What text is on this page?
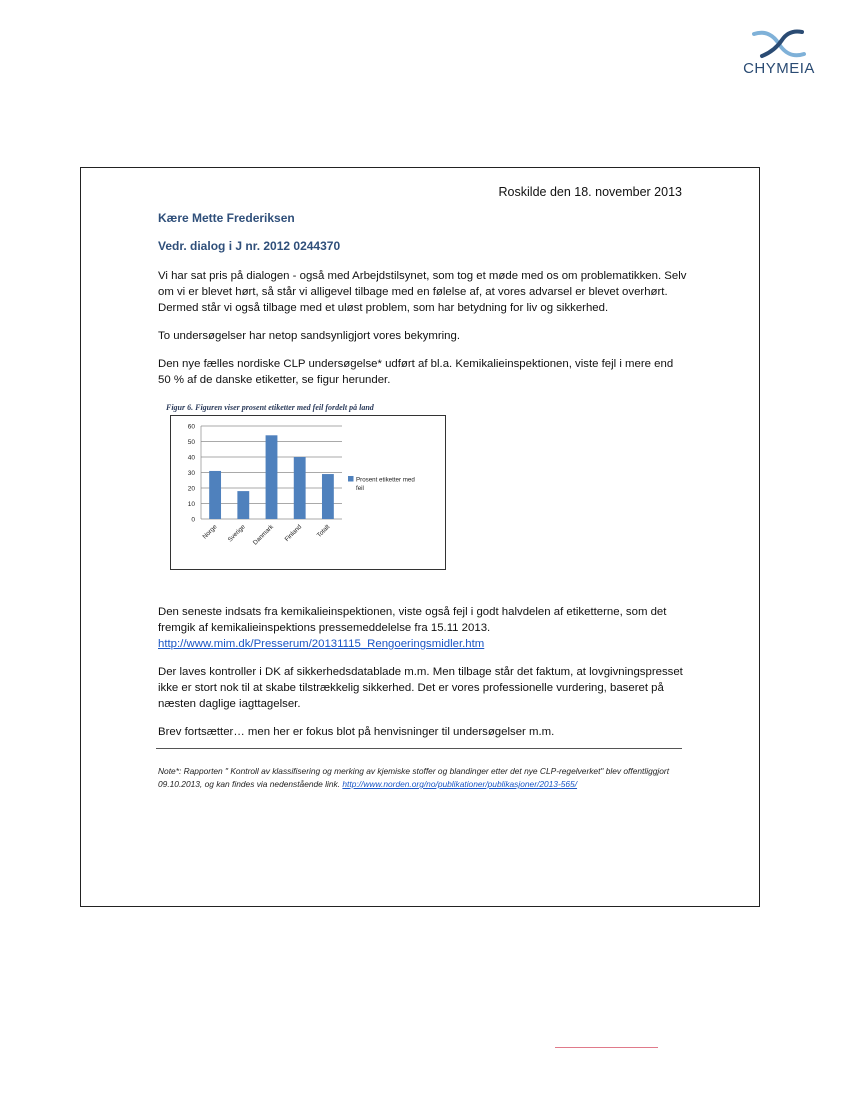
CHYMEIA
Roskilde den 18. november 2013

Kære Mette Frederiksen

Vedr. dialog i J nr. 2012 0244370

Vi har sat pris på dialogen - også med Arbejdstilsynet, som tog et møde med os om problematikken. Selv om vi er blevet hørt, så står vi alligevel tilbage med en følelse af, at vores advarsel er blevet overhørt. Dermed står vi også tilbage med et uløst problem, som har betydning for liv og sikkerhed.

To undersøgelser har netop sandsynligjort vores bekymring.

Den nye fælles nordiske CLP undersøgelse* udført af bl.a. Kemikalieinspektionen, viste fejl i mere end 50 % af de danske etiketter, se figur herunder.

Figur 6. Figuren viser prosent etiketter med feil fordelt på land
0
10
20
30
40
50
60
Norge Sverige Danmark Finland Totalt
Prosent etiketter med
feil

Den seneste indsats fra kemikalieinspektionen, viste også fejl i godt halvdelen af etiketterne, som det fremgik af kemikalieinspektions pressemeddelelse fra 15.11 2013.

http://www.mim.dk/Presserum/20131115_Rengoeringsmidler.htm

Der laves kontroller i DK af sikkerhedsdatablade m.m. Men tilbage står det faktum, at lovgivningspresset ikke er stort nok til at skabe tilstrækkelig sikkerhed. Det er vores professionelle vurdering, baseret på næsten daglige iagttagelser.

Brev fortsætter… men her er fokus blot på henvisninger til undersøgelser m.m.

Note*: Rapporten " Kontroll av klassifisering og merking av kjemiske stoffer og blandinger etter det nye CLP-regelverket" blev offentliggjort 09.10.2013, og kan findes via nedenstående link. http://www.norden.org/no/publikationer/publikasjoner/2013-565/
